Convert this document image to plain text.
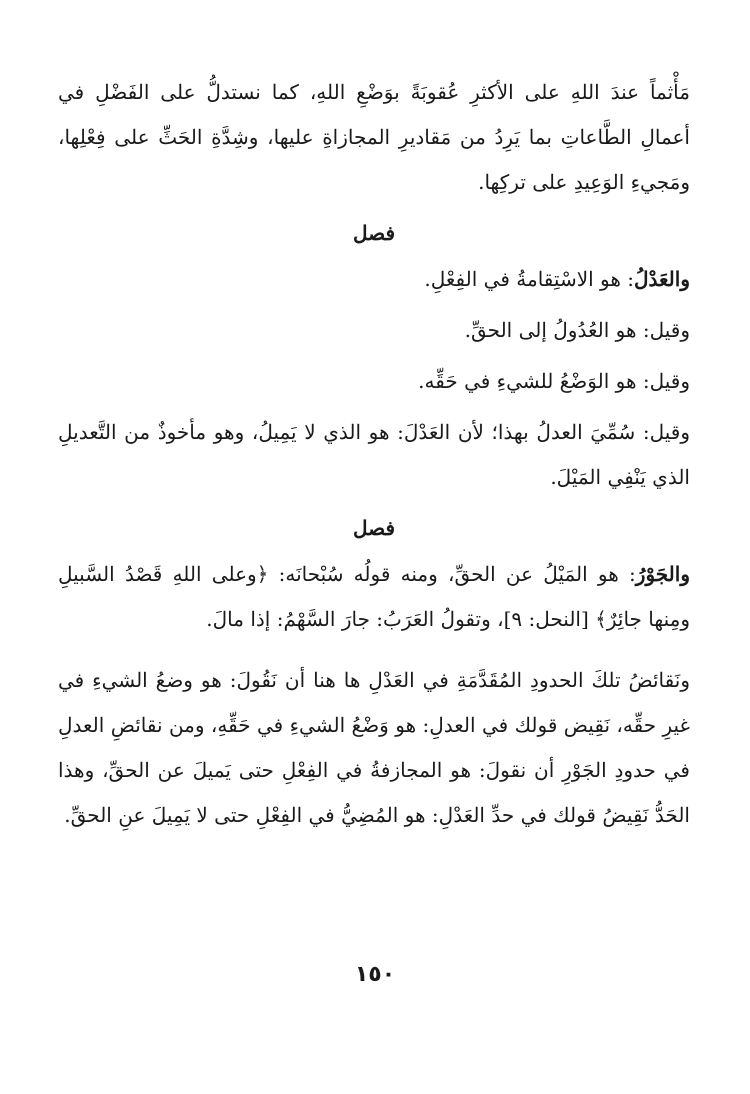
مَأْثماً عندَ اللهِ على الأكثرِ عُقوبَةً بوَضْعِ اللهِ، كما نستدلُّ على الفَضْلِ في أعمالِ الطَّاعاتِ بما يَرِدُ من مَقاديرِ المجازاةِ عليها، وشِدَّةِ الحَثِّ على فِعْلِها، ومَجيءِ الوَعِيدِ على تركِها.

فصل

والعَدْلُ: هو الاسْتِقامةُ في الفِعْلِ.

وقيل: هو العُدُولُ إلى الحقِّ.

وقيل: هو الوَضْعُ للشيءِ في حَقِّه.

وقيل: سُمِّيَ العدلُ بهذا؛ لأن العَدْلَ: هو الذي لا يَمِيلُ، وهو مأخوذٌ من التَّعديلِ الذي يَنْفِي المَيْلَ.

فصل

والجَوْرُ: هو المَيْلُ عن الحقِّ، ومنه قولُه سُبْحانَه: ﴿وعلى اللهِ قَصْدُ السَّبيلِ ومِنها جائِرٌ﴾ [النحل: ٩]، وتقولُ العَرَبُ: جارَ السَّهْمُ: إذا مالَ.

ونَقائضُ تلكَ الحدودِ المُقَدَّمَةِ في العَدْلِ ها هنا أن نَقُولَ: هو وضعُ الشيءِ في غيرِ حقِّه، نَقِيض قولك في العدلِ: هو وَضْعُ الشيءِ في حَقِّهِ، ومن نقائضِ العدلِ في حدودِ الجَوْرِ أن نقولَ: هو المجازفةُ في الفِعْلِ حتى يَميلَ عن الحقِّ، وهذا الحَدُّ نَقِيضُ قولك في حدِّ العَدْلِ: هو المُضِيُّ في الفِعْلِ حتى لا يَمِيلَ عنِ الحقِّ.

١٥٠
